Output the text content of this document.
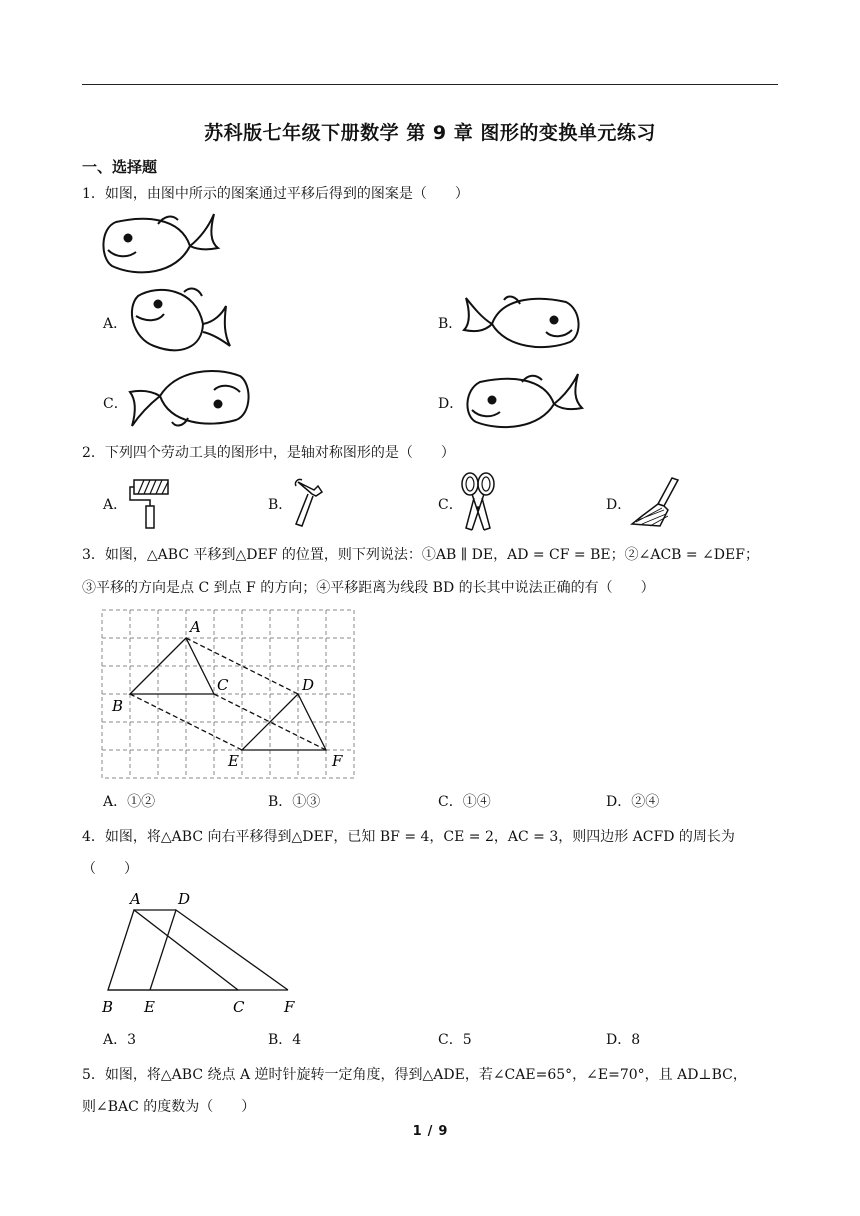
苏科版七年级下册数学 第 9 章 图形的变换单元练习
一、选择题
1．如图，由图中所示的图案通过平移后得到的图案是（　　）
A．	B．
C．	D．
2．下列四个劳动工具的图形中，是轴对称图形的是（　　）
A．	B．	C．	D．
3．如图，△ABC 平移到△DEF 的位置，则下列说法：①AB ∥ DE，AD = CF = BE；②∠ACB = ∠DEF；
③平移的方向是点 C 到点 F 的方向；④平移距离为线段 BD 的长其中说法正确的有（　　）
A
B
C	D
E	F
A．①②	B．①③	C．①④	D．②④
4．如图，将△ABC 向右平移得到△DEF，已知 BF = 4，CE = 2，AC = 3，则四边形 ACFD 的周长为
（　　）
A D
B E	C	F
A．3	B．4	C．5	D．8
5．如图，将△ABC 绕点 A 逆时针旋转一定角度，得到△ADE，若∠CAE=65°，∠E=70°，且 AD⊥BC，
则∠BAC 的度数为（　　）
1 / 9
